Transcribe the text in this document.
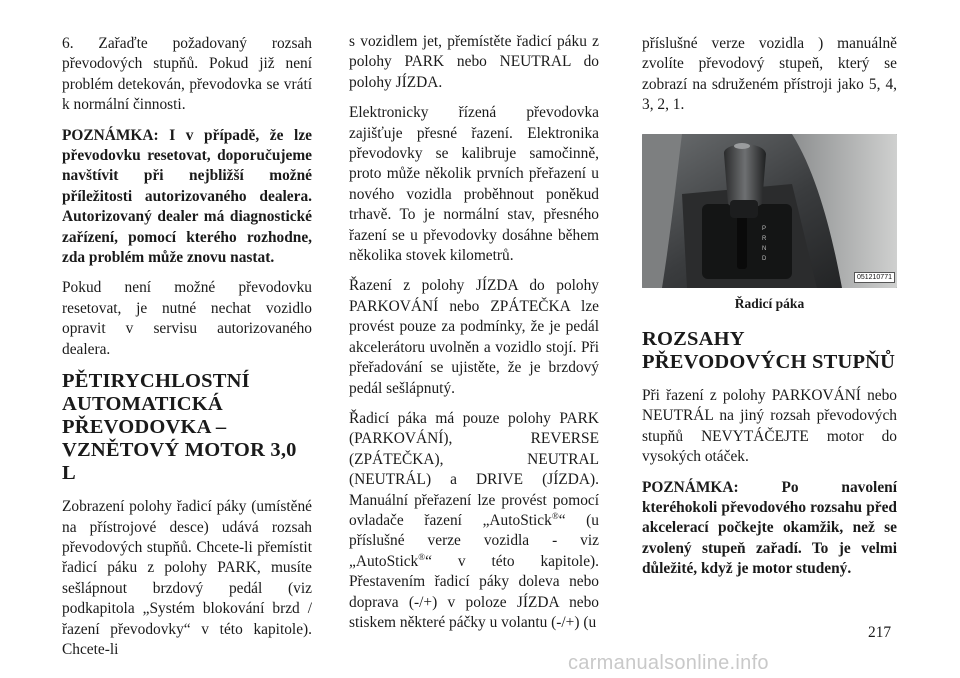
6. Zařaďte požadovaný rozsah převodových stupňů. Pokud již není problém detekován, převodovka se vrátí k normální činnosti.

POZNÁMKA: I v případě, že lze převodovku resetovat, doporučujeme navštívit při nejbližší možné příležitosti autorizovaného dealera. Autorizovaný dealer má diagnostické zařízení, pomocí kterého rozhodne, zda problém může znovu nastat.

Pokud není možné převodovku resetovat, je nutné nechat vozidlo opravit v servisu autorizovaného dealera.

PĚTIRYCHLOSTNÍ AUTOMATICKÁ PŘEVODOVKA – VZNĚTOVÝ MOTOR 3,0 L

Zobrazení polohy řadicí páky (umístěné na přístrojové desce) udává rozsah převodových stupňů. Chcete-li přemístit řadicí páku z polohy PARK, musíte sešlápnout brzdový pedál (viz podkapitola „Systém blokování brzd / řazení převodovky“ v této kapitole). Chcete-li

s vozidlem jet, přemístěte řadicí páku z polohy PARK nebo NEUTRAL do polohy JÍZDA.

Elektronicky řízená převodovka zajišťuje přesné řazení. Elektronika převodovky se kalibruje samočinně, proto může několik prvních přeřazení u nového vozidla proběhnout poněkud trhavě. To je normální stav, přesného řazení se u převodovky dosáhne během několika stovek kilometrů.

Řazení z polohy JÍZDA do polohy PARKOVÁNÍ nebo ZPÁTEČKA lze provést pouze za podmínky, že je pedál akcelerátoru uvolněn a vozidlo stojí. Při přeřadování se ujistěte, že je brzdový pedál sešlápnutý.

Řadicí páka má pouze polohy PARK (PARKOVÁNÍ), REVERSE (ZPÁTEČKA), NEUTRAL (NEUTRÁL) a DRIVE (JÍZDA). Manuální přeřazení lze provést pomocí ovladače řazení „AutoStick®“ (u příslušné verze vozidla - viz „AutoStick®“ v této kapitole). Přestavením řadicí páky doleva nebo doprava (-/+) v poloze JÍZDA nebo stiskem některé páčky u volantu (-/+) (u

příslušné verze vozidla ) manuálně zvolíte převodový stupeň, který se zobrazí na sdruženém přístroji jako 5, 4, 3, 2, 1.

P
R
N
D
0512107​71
Řadicí páka
ROZSAHY PŘEVODOVÝCH STUPŇŮ

Při řazení z polohy PARKOVÁNÍ nebo NEUTRÁL na jiný rozsah převodových stupňů NEVYTÁČEJTE motor do vysokých otáček.

POZNÁMKA: Po navolení kteréhokoli převodového rozsahu před akcelerací počkejte okamžik, než se zvolený stupeň zařadí. To je velmi důležité, když je motor studený.

217
carmanualsonline.info
